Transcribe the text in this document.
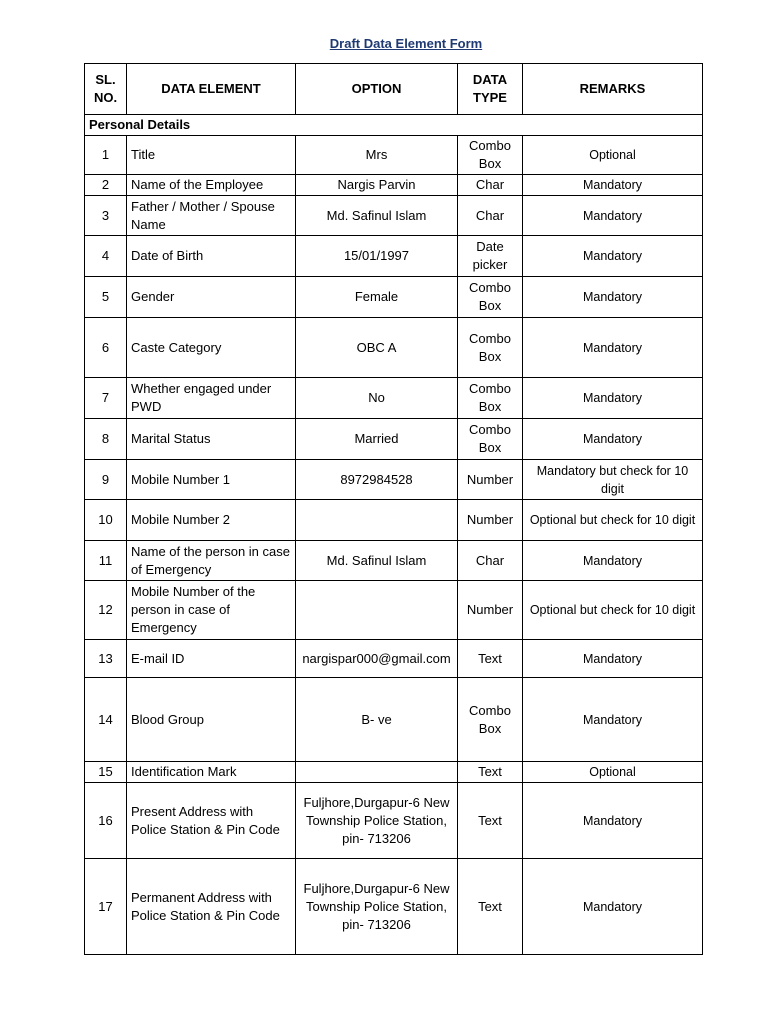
Draft Data Element Form
SL. NO.	DATA ELEMENT	OPTION	DATA TYPE	REMARKS
Personal Details				
1	Title	Mrs	Combo Box	Optional
2	Name of the Employee	Nargis Parvin	Char	Mandatory
3	Father / Mother / Spouse Name	Md. Safinul Islam	Char	Mandatory
4	Date of Birth	15/01/1997	Date picker	Mandatory
5	Gender	Female	Combo Box	Mandatory
6	Caste Category	OBC A	Combo Box	Mandatory
7	Whether engaged under PWD	No	Combo Box	Mandatory
8	Marital Status	Married	Combo Box	Mandatory
9	Mobile Number 1	8972984528	Number	Mandatory but check for 10 digit
10	Mobile Number 2		Number	Optional but check for 10 digit
11	Name of the person in case of Emergency	Md. Safinul Islam	Char	Mandatory
12	Mobile Number of the person in case of Emergency		Number	Optional but check for 10 digit
13	E-mail ID	nargispar000@gmail.com	Text	Mandatory
14	Blood Group	B- ve	Combo Box	Mandatory
15	Identification Mark		Text	Optional
16	Present Address with Police Station & Pin Code	Fuljhore,Durgapur-6 New Township Police Station, pin- 713206	Text	Mandatory
17	Permanent Address with Police Station & Pin Code	Fuljhore,Durgapur-6 New Township Police Station, pin- 713206	Text	Mandatory
